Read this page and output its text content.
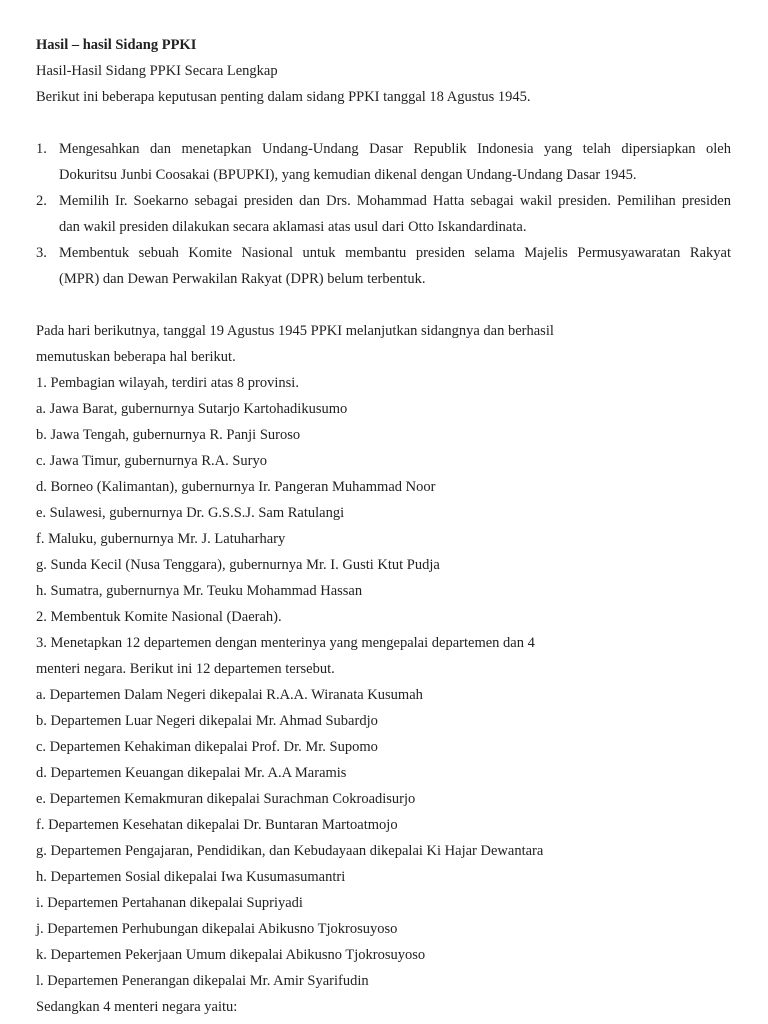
Hasil – hasil Sidang PPKI
Hasil-Hasil Sidang PPKI Secara Lengkap
Berikut ini beberapa keputusan penting dalam sidang PPKI tanggal 18 Agustus 1945.
1. Mengesahkan dan menetapkan Undang-Undang Dasar Republik Indonesia yang telah dipersiapkan oleh
Dokuritsu Junbi Coosakai (BPUPKI), yang kemudian dikenal dengan Undang-Undang Dasar 1945.
2. Memilih Ir. Soekarno sebagai presiden dan Drs. Mohammad Hatta sebagai wakil presiden. Pemilihan presiden
dan wakil presiden dilakukan secara aklamasi atas usul dari Otto Iskandardinata.
3. Membentuk sebuah Komite Nasional untuk membantu presiden selama Majelis Permusyawaratan Rakyat
(MPR) dan Dewan Perwakilan Rakyat (DPR) belum terbentuk.
Pada hari berikutnya, tanggal 19 Agustus 1945 PPKI melanjutkan sidangnya dan berhasil
memutuskan beberapa hal berikut.
1. Pembagian wilayah, terdiri atas 8 provinsi.
a. Jawa Barat, gubernurnya Sutarjo Kartohadikusumo
b. Jawa Tengah, gubernurnya R. Panji Suroso
c. Jawa Timur, gubernurnya R.A. Suryo
d. Borneo (Kalimantan), gubernurnya Ir. Pangeran Muhammad Noor
e. Sulawesi, gubernurnya Dr. G.S.S.J. Sam Ratulangi
f. Maluku, gubernurnya Mr. J. Latuharhary
g. Sunda Kecil (Nusa Tenggara), gubernurnya Mr. I. Gusti Ktut Pudja
h. Sumatra, gubernurnya Mr. Teuku Mohammad Hassan
2. Membentuk Komite Nasional (Daerah).
3. Menetapkan 12 departemen dengan menterinya yang mengepalai departemen dan 4
menteri negara. Berikut ini 12 departemen tersebut.
a. Departemen Dalam Negeri dikepalai R.A.A. Wiranata Kusumah
b. Departemen Luar Negeri dikepalai Mr. Ahmad Subardjo
c. Departemen Kehakiman dikepalai Prof. Dr. Mr. Supomo
d. Departemen Keuangan dikepalai Mr. A.A Maramis
e. Departemen Kemakmuran dikepalai Surachman Cokroadisurjo
f. Departemen Kesehatan dikepalai Dr. Buntaran Martoatmojo
g. Departemen Pengajaran, Pendidikan, dan Kebudayaan dikepalai Ki Hajar Dewantara
h. Departemen Sosial dikepalai Iwa Kusumasumantri
i. Departemen Pertahanan dikepalai Supriyadi
j. Departemen Perhubungan dikepalai Abikusno Tjokrosuyoso
k. Departemen Pekerjaan Umum dikepalai Abikusno Tjokrosuyoso
l. Departemen Penerangan dikepalai Mr. Amir Syarifudin
Sedangkan 4 menteri negara yaitu:
